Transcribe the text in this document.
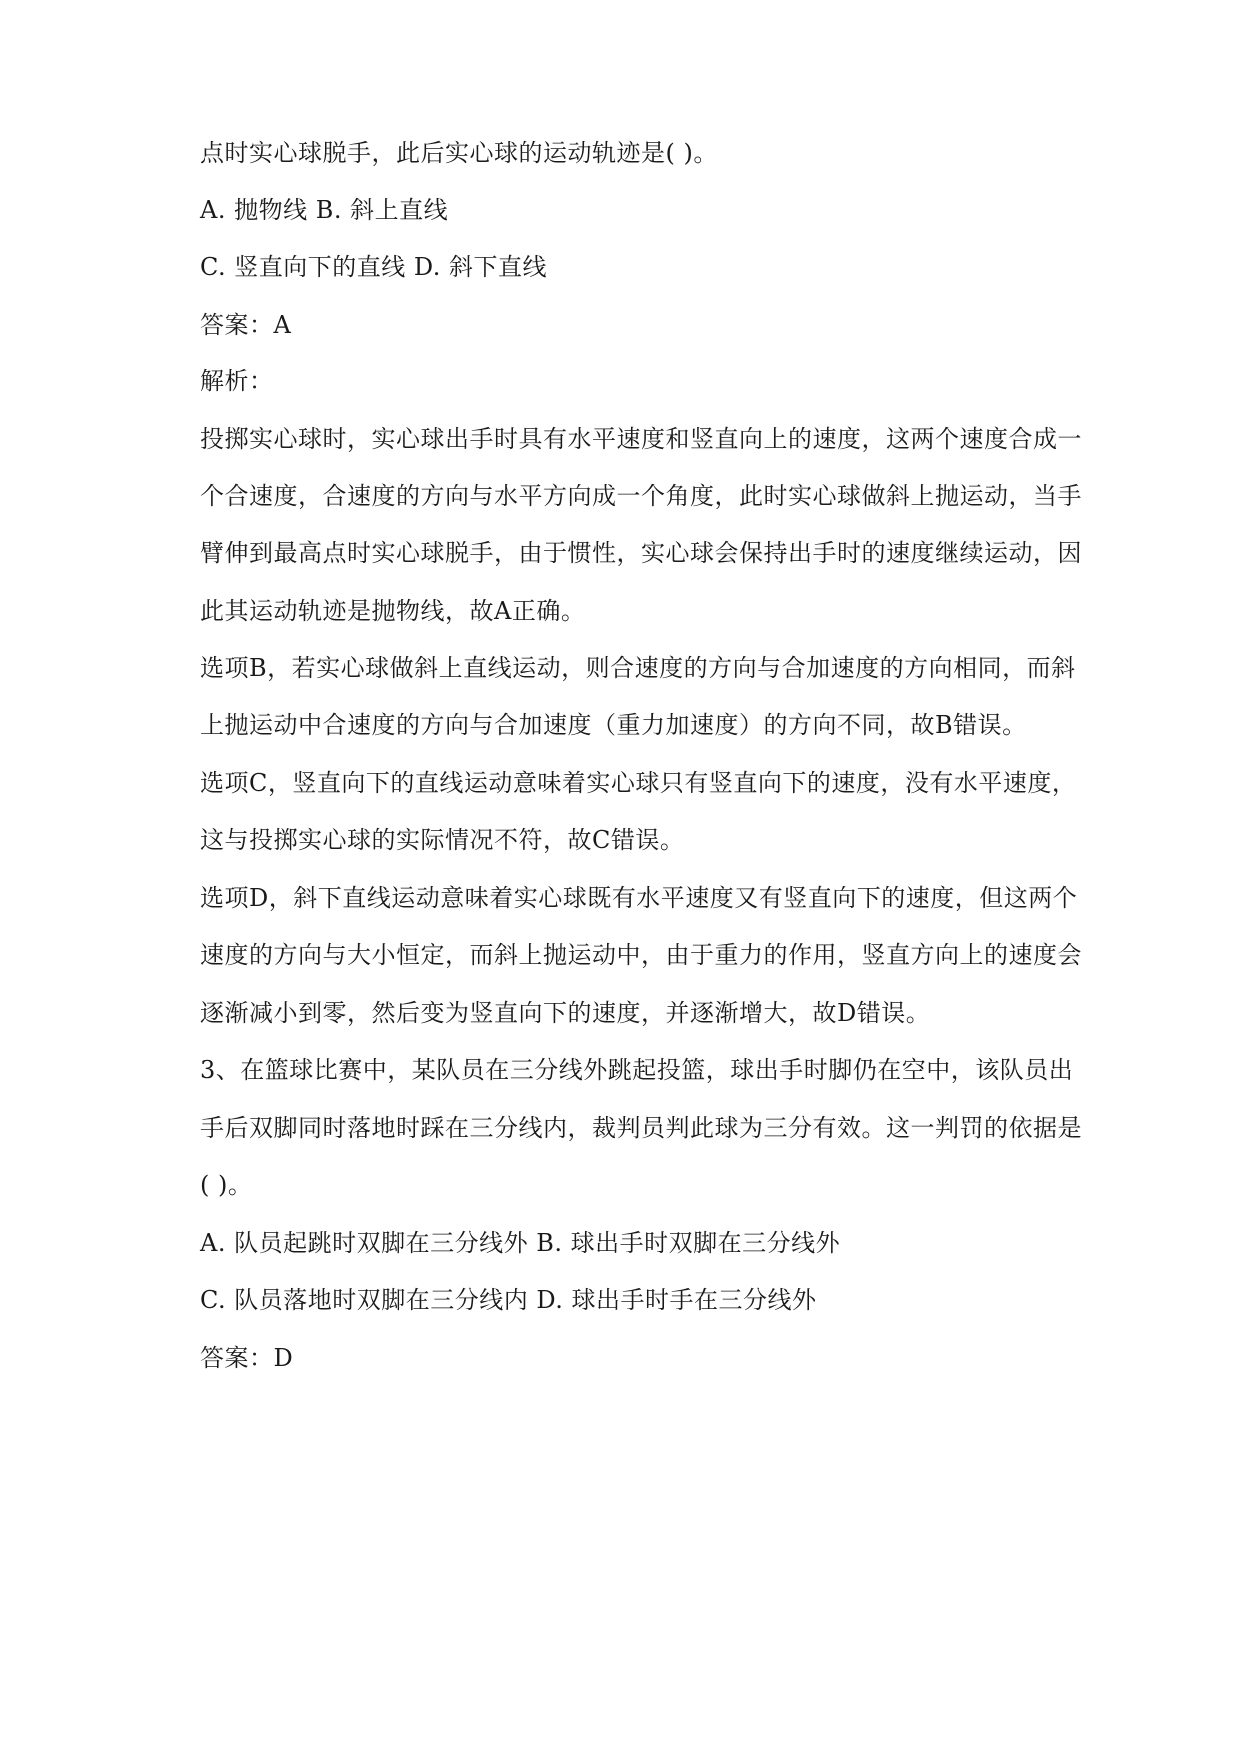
点时实心球脱手，此后实心球的运动轨迹是( )。
A. 抛物线 B. 斜上直线
C. 竖直向下的直线 D. 斜下直线
答案：A
解析：
投掷实心球时，实心球出手时具有水平速度和竖直向上的速度，这两个速度合成一
个合速度，合速度的方向与水平方向成一个角度，此时实心球做斜上抛运动，当手
臂伸到最高点时实心球脱手，由于惯性，实心球会保持出手时的速度继续运动，因
此其运动轨迹是抛物线，故A正确。
选项B，若实心球做斜上直线运动，则合速度的方向与合加速度的方向相同，而斜
上抛运动中合速度的方向与合加速度（重力加速度）的方向不同，故B错误。
选项C，竖直向下的直线运动意味着实心球只有竖直向下的速度，没有水平速度，
这与投掷实心球的实际情况不符，故C错误。
选项D，斜下直线运动意味着实心球既有水平速度又有竖直向下的速度，但这两个
速度的方向与大小恒定，而斜上抛运动中，由于重力的作用，竖直方向上的速度会
逐渐减小到零，然后变为竖直向下的速度，并逐渐增大，故D错误。
3、在篮球比赛中，某队员在三分线外跳起投篮，球出手时脚仍在空中，该队员出
手后双脚同时落地时踩在三分线内，裁判员判此球为三分有效。这一判罚的依据是
( )。
A. 队员起跳时双脚在三分线外 B. 球出手时双脚在三分线外
C. 队员落地时双脚在三分线内 D. 球出手时手在三分线外
答案：D
